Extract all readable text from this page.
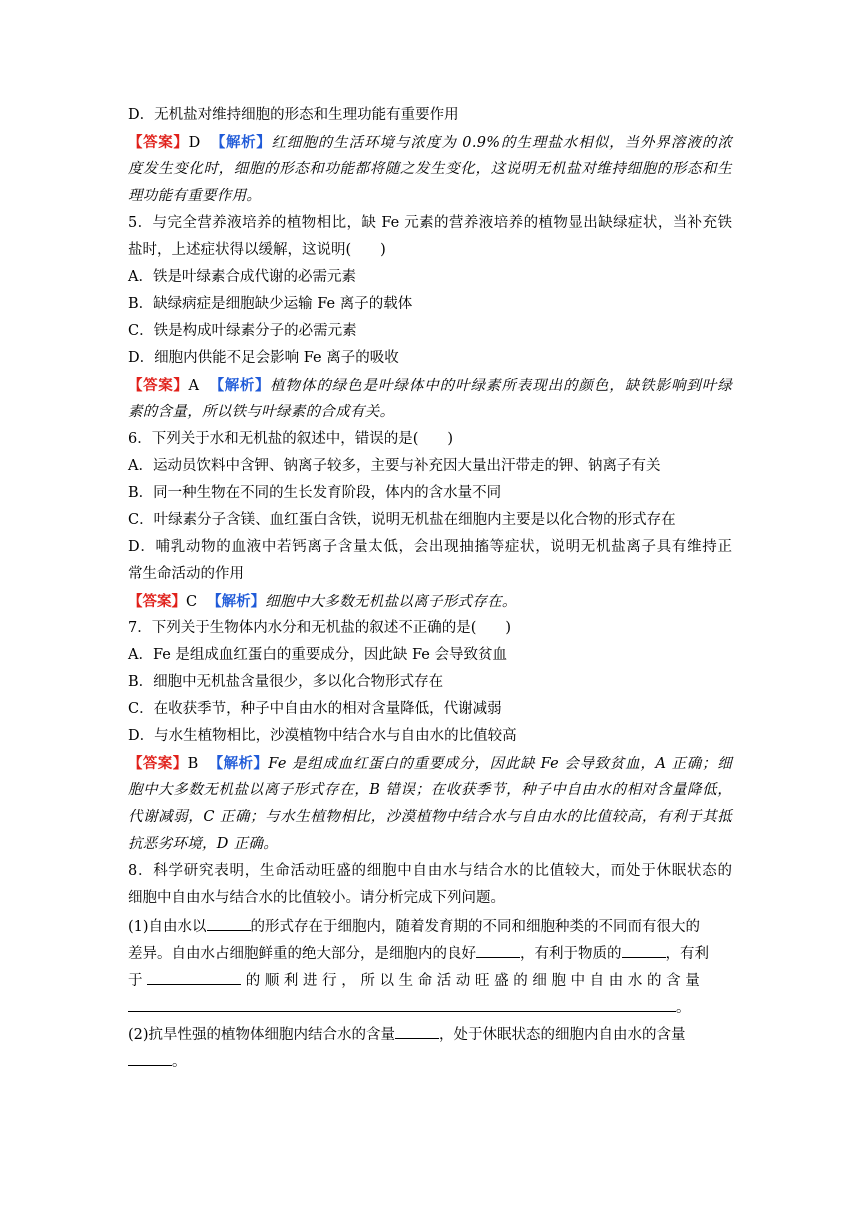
D．无机盐对维持细胞的形态和生理功能有重要作用
【答案】D 【解析】红细胞的生活环境与浓度为 0.9%的生理盐水相似，当外界溶液的浓
度发生变化时，细胞的形态和功能都将随之发生变化，这说明无机盐对维持细胞的形态和生
理功能有重要作用。
5．与完全营养液培养的植物相比，缺 Fe 元素的营养液培养的植物显出缺绿症状，当补充铁
盐时，上述症状得以缓解，这说明(　　)
A．铁是叶绿素合成代谢的必需元素
B．缺绿病症是细胞缺少运输 Fe 离子的载体
C．铁是构成叶绿素分子的必需元素
D．细胞内供能不足会影响 Fe 离子的吸收
【答案】A 【解析】植物体的绿色是叶绿体中的叶绿素所表现出的颜色，缺铁影响到叶绿
素的含量，所以铁与叶绿素的合成有关。
6．下列关于水和无机盐的叙述中，错误的是(　　)
A．运动员饮料中含钾、钠离子较多，主要与补充因大量出汗带走的钾、钠离子有关
B．同一种生物在不同的生长发育阶段，体内的含水量不同
C．叶绿素分子含镁、血红蛋白含铁，说明无机盐在细胞内主要是以化合物的形式存在
D．哺乳动物的血液中若钙离子含量太低，会出现抽搐等症状，说明无机盐离子具有维持正
常生命活动的作用
【答案】C 【解析】细胞中大多数无机盐以离子形式存在。
7．下列关于生物体内水分和无机盐的叙述不正确的是(　　)
A．Fe 是组成血红蛋白的重要成分，因此缺 Fe 会导致贫血
B．细胞中无机盐含量很少，多以化合物形式存在
C．在收获季节，种子中自由水的相对含量降低，代谢减弱
D．与水生植物相比，沙漠植物中结合水与自由水的比值较高
【答案】B 【解析】Fe 是组成血红蛋白的重要成分，因此缺 Fe 会导致贫血，A 正确；细
胞中大多数无机盐以离子形式存在，B 错误；在收获季节，种子中自由水的相对含量降低，
代谢减弱，C 正确；与水生植物相比，沙漠植物中结合水与自由水的比值较高，有利于其抵
抗恶劣环境，D 正确。
8．科学研究表明，生命活动旺盛的细胞中自由水与结合水的比值较大，而处于休眠状态的
细胞中自由水与结合水的比值较小。请分析完成下列问题。
(1)自由水以	的形式存在于细胞内，随着发育期的不同和细胞种类的不同而有很大的
差异。自由水占细胞鲜重的绝大部分，是细胞内的良好	，有利于物质的	，有利
于	的 顺 利 进 行 ， 所 以 生 命 活 动 旺 盛 的 细 胞 中 自 由 水 的 含 量
。
(2)抗旱性强的植物体细胞内结合水的含量	，处于休眠状态的细胞内自由水的含量
。
